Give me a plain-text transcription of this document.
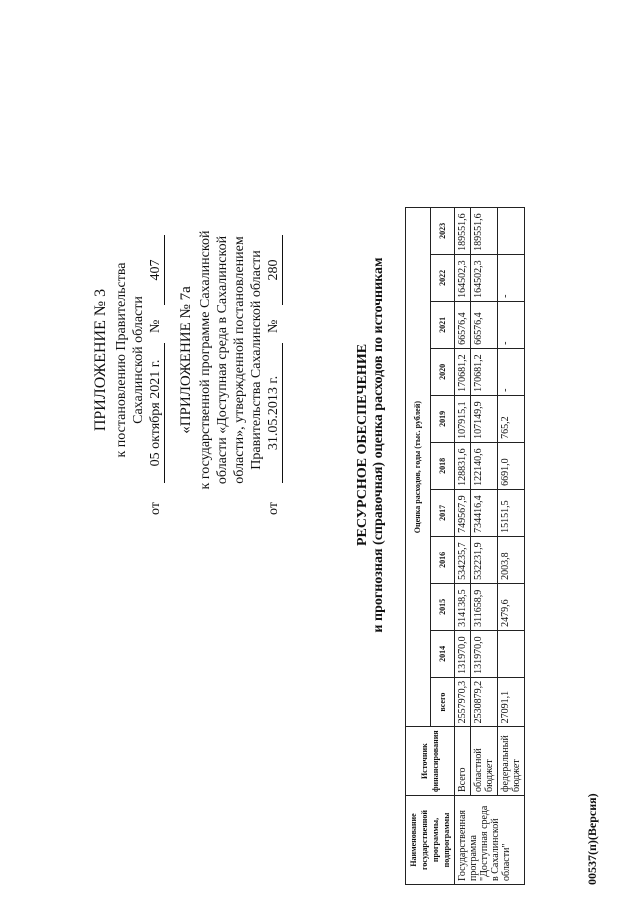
ПРИЛОЖЕНИЕ № 3 к постановлению Правительства Сахалинской области
от
05 октября 2021 г.
№
407
«ПРИЛОЖЕНИЕ № 7а к государственной программе Сахалинской области «Доступная среда в Сахалинской области», утвержденной постановлением Правительства Сахалинской области
от
31.05.2013 г.
№
280
РЕСУРСНОЕ ОБЕСПЕЧЕНИЕ и прогнозная (справочная) оценка расходов по источникам
Наименование государственной программы, подпрограммы	Источник финансирования	Оценка расходов, годы (тыс. рублей)										
		всего	2014	2015	2016	2017	2018	2019	2020	2021	2022	2023
Государственная программа "Доступная среда в Сахалинской области"	Всего	2557970,3	131970,0	314138,5	534235,7	749567,9	128831,6	107915,1	170681,2	66576,4	164502,3	189551,6
	областной бюджет	2530879,2	131970,0	311658,9	532231,9	734416,4	122140,6	107149,9	170681,2	66576,4	164502,3	189551,6
	федеральный бюджет	27091,1		2479,6	2003,8	15151,5	6691,0	765,2	-	-	-	
00537(п)(Версия)
